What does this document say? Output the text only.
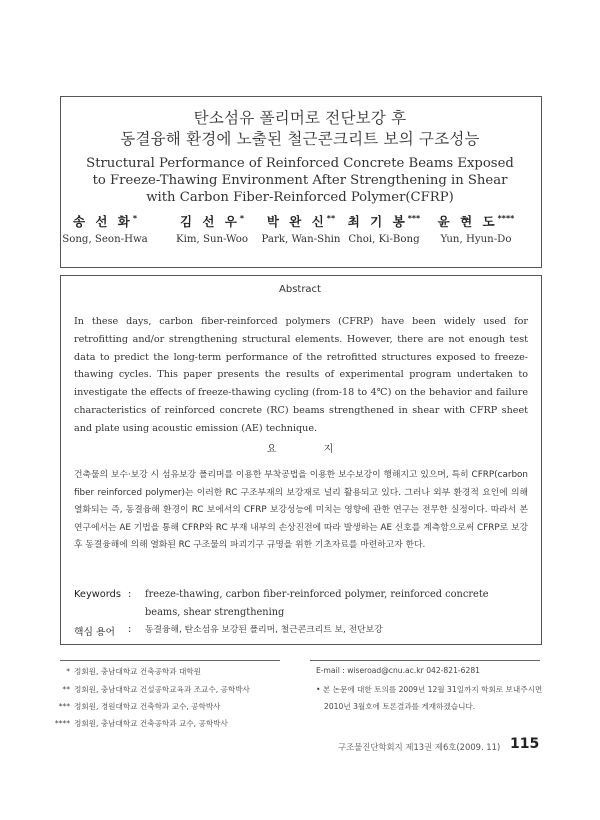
탄소섬유 폴리머로 전단보강 후
동결융해 환경에 노출된 철근콘크리트 보의 구조성능
Structural Performance of Reinforced Concrete Beams Exposed
to Freeze-Thawing Environment After Strengthening in Shear
with Carbon Fiber-Reinforced Polymer(CFRP)
송 선 화*
Song, Seon-Hwa
김 선 우*
Kim, Sun-Woo
박 완 신**
Park, Wan-Shin
최 기 봉***
Choi, Ki-Bong
윤 현 도****
Yun, Hyun-Do
Abstract

In these days, carbon fiber-reinforced polymers (CFRP) have been widely used for retrofitting and/or strengthening structural elements. However, there are not enough test data to predict the long-term performance of the retrofitted structures exposed to freeze-thawing cycles. This paper presents the results of experimental program undertaken to investigate the effects of freeze-thawing cycling (from-18 to 4℃) on the behavior and failure characteristics of reinforced concrete (RC) beams strengthened in shear with CFRP sheet and plate using acoustic emission (AE) technique.

요 지

건축물의 보수·보강 시 섬유보강 폴리머를 이용한 부착공법을 이용한 보수보강이 행해지고 있으며, 특히 CFRP(carbon fiber reinforced polymer)는 이러한 RC 구조부재의 보강재로 널리 활용되고 있다. 그러나 외부 환경적 요인에 의해 열화되는 즉, 동결융해 환경이 RC 보에서의 CFRP 보강성능에 미치는 영향에 관한 연구는 전무한 실정이다. 따라서 본 연구에서는 AE 기법을 통해 CFRP와 RC 부재 내부의 손상진전에 따라 발생하는 AE 신호를 계측함으로써 CFRP로 보강 후 동결융해에 의해 열화된 RC 구조물의 파괴기구 규명을 위한 기초자료를 마련하고자 한다.

Keywords : freeze-thawing, carbon fiber-reinforced polymer, reinforced concrete beams, shear strengthening

핵심 용어 : 동결융해, 탄소섬유 보강된 폴리머, 철근콘크리트 보, 전단보강

* 정회원, 충남대학교 건축공학과 대학원
** 정회원, 충남대학교 건설공학교육과 조교수, 공학박사
*** 정회원, 경원대학교 건축학과 교수, 공학박사
**** 정회원, 충남대학교 건축공학과 교수, 공학박사
E-mail : wiseroad@cnu.ac.kr 042-821-6281
• 본 논문에 대한 토의를 2009년 12월 31일까지 학회로 보내주시면
2010년 3월호에 토론결과를 게재하겠습니다.
구조물진단학회지 제13권 제6호(2009. 11) 115
